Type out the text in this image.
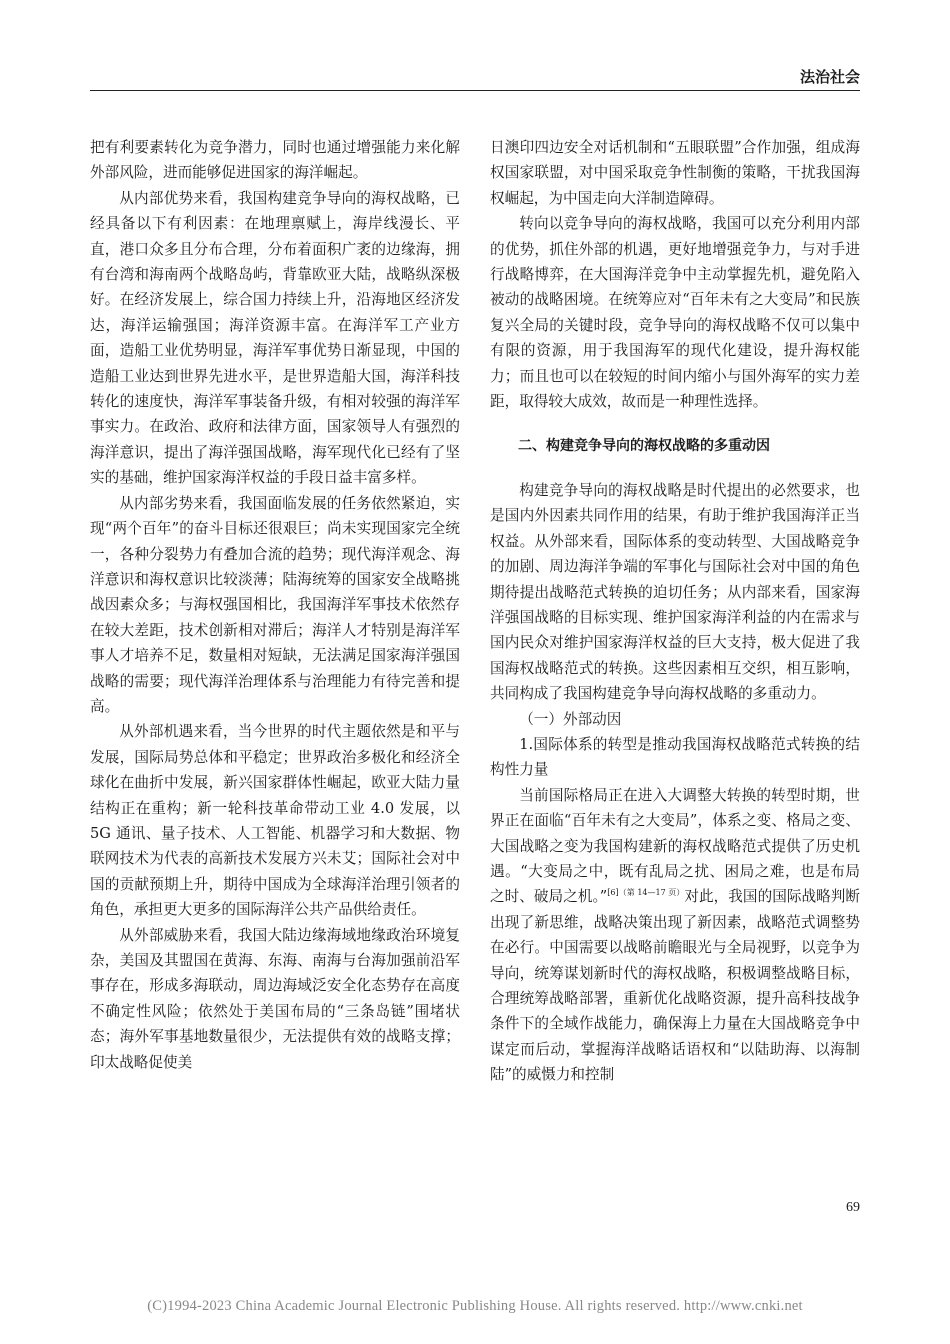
法治社会

把有利要素转化为竞争潜力，同时也通过增强能力来化解外部风险，进而能够促进国家的海洋崛起。

从内部优势来看，我国构建竞争导向的海权战略，已经具备以下有利因素：在地理禀赋上，海岸线漫长、平直，港口众多且分布合理，分布着面积广袤的边缘海，拥有台湾和海南两个战略岛屿，背靠欧亚大陆，战略纵深极好。在经济发展上，综合国力持续上升，沿海地区经济发达，海洋运输强国；海洋资源丰富。在海洋军工产业方面，造船工业优势明显，海洋军事优势日渐显现，中国的造船工业达到世界先进水平，是世界造船大国，海洋科技转化的速度快，海洋军事装备升级，有相对较强的海洋军事实力。在政治、政府和法律方面，国家领导人有强烈的海洋意识，提出了海洋强国战略，海军现代化已经有了坚实的基础，维护国家海洋权益的手段日益丰富多样。

从内部劣势来看，我国面临发展的任务依然紧迫，实现“两个百年”的奋斗目标还很艰巨；尚未实现国家完全统一，各种分裂势力有叠加合流的趋势；现代海洋观念、海洋意识和海权意识比较淡薄；陆海统筹的国家安全战略挑战因素众多；与海权强国相比，我国海洋军事技术依然存在较大差距，技术创新相对滞后；海洋人才特别是海洋军事人才培养不足，数量相对短缺，无法满足国家海洋强国战略的需要；现代海洋治理体系与治理能力有待完善和提高。

从外部机遇来看，当今世界的时代主题依然是和平与发展，国际局势总体和平稳定；世界政治多极化和经济全球化在曲折中发展，新兴国家群体性崛起，欧亚大陆力量结构正在重构；新一轮科技革命带动工业 4.0 发展，以 5G 通讯、量子技术、人工智能、机器学习和大数据、物联网技术为代表的高新技术发展方兴未艾；国际社会对中国的贡献预期上升，期待中国成为全球海洋治理引领者的角色，承担更大更多的国际海洋公共产品供给责任。

从外部威胁来看，我国大陆边缘海域地缘政治环境复杂，美国及其盟国在黄海、东海、南海与台海加强前沿军事存在，形成多海联动，周边海域泛安全化态势存在高度不确定性风险；依然处于美国布局的“三条岛链”围堵状态；海外军事基地数量很少，无法提供有效的战略支撑；印太战略促使美

日澳印四边安全对话机制和“五眼联盟”合作加强，组成海权国家联盟，对中国采取竞争性制衡的策略，干扰我国海权崛起，为中国走向大洋制造障碍。

转向以竞争导向的海权战略，我国可以充分利用内部的优势，抓住外部的机遇，更好地增强竞争力，与对手进行战略博弈，在大国海洋竞争中主动掌握先机，避免陷入被动的战略困境。在统筹应对“百年未有之大变局”和民族复兴全局的关键时段，竞争导向的海权战略不仅可以集中有限的资源，用于我国海军的现代化建设，提升海权能力；而且也可以在较短的时间内缩小与国外海军的实力差距，取得较大成效，故而是一种理性选择。

二、构建竞争导向的海权战略的多重动因

构建竞争导向的海权战略是时代提出的必然要求，也是国内外因素共同作用的结果，有助于维护我国海洋正当权益。从外部来看，国际体系的变动转型、大国战略竞争的加剧、周边海洋争端的军事化与国际社会对中国的角色期待提出战略范式转换的迫切任务；从内部来看，国家海洋强国战略的目标实现、维护国家海洋利益的内在需求与国内民众对维护国家海洋权益的巨大支持，极大促进了我国海权战略范式的转换。这些因素相互交织，相互影响，共同构成了我国构建竞争导向海权战略的多重动力。

（一）外部动因

1.国际体系的转型是推动我国海权战略范式转换的结构性力量

当前国际格局正在进入大调整大转换的转型时期，世界正在面临“百年未有之大变局”，体系之变、格局之变、大国战略之变为我国构建新的海权战略范式提供了历史机遇。“大变局之中，既有乱局之扰、困局之难，也是布局之时、破局之机。”$^{[6](第 14—17 页)}$对此，我国的国际战略判断出现了新思维，战略决策出现了新因素，战略范式调整势在必行。中国需要以战略前瞻眼光与全局视野，以竞争为导向，统筹谋划新时代的海权战略，积极调整战略目标，合理统筹战略部署，重新优化战略资源，提升高科技战争条件下的全域作战能力，确保海上力量在大国战略竞争中谋定而后动，掌握海洋战略话语权和“以陆助海、以海制陆”的威慑力和控制

69
(C)1994-2023 China Academic Journal Electronic Publishing House. All rights reserved. http://www.cnki.net
